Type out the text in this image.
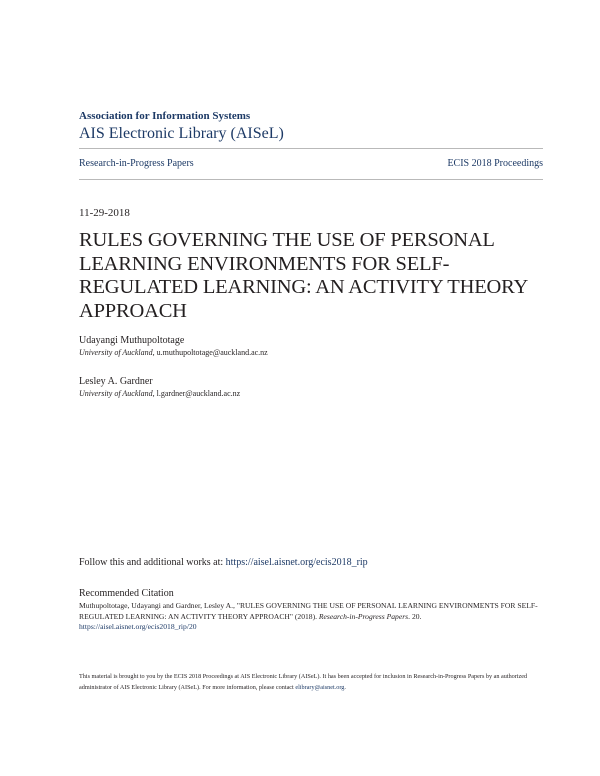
Association for Information Systems

AIS Electronic Library (AISeL)

Research-in-Progress Papers	ECIS 2018 Proceedings
11-29-2018
RULES GOVERNING THE USE OF PERSONAL LEARNING ENVIRONMENTS FOR SELF-REGULATED LEARNING: AN ACTIVITY THEORY APPROACH
Udayangi Muthupoltotage
University of Auckland, u.muthupoltotage@auckland.ac.nz
Lesley A. Gardner
University of Auckland, l.gardner@auckland.ac.nz
Follow this and additional works at: https://aisel.aisnet.org/ecis2018_rip
Recommended Citation
Muthupoltotage, Udayangi and Gardner, Lesley A., "RULES GOVERNING THE USE OF PERSONAL LEARNING ENVIRONMENTS FOR SELF-REGULATED LEARNING: AN ACTIVITY THEORY APPROACH" (2018). Research-in-Progress Papers. 20.
https://aisel.aisnet.org/ecis2018_rip/20
This material is brought to you by the ECIS 2018 Proceedings at AIS Electronic Library (AISeL). It has been accepted for inclusion in Research-in-Progress Papers by an authorized administrator of AIS Electronic Library (AISeL). For more information, please contact elibrary@aisnet.org.
